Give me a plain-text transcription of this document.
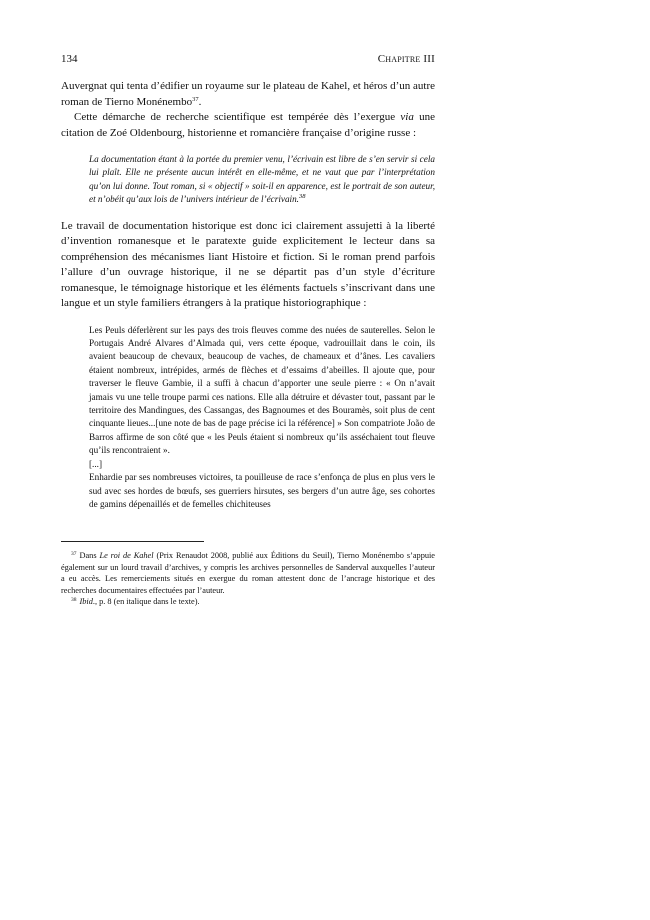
134	Chapitre III

Auvergnat qui tenta d’édifier un royaume sur le plateau de Kahel, et héros d’un autre roman de Tierno Monénembo$^{37}$.

Cette démarche de recherche scientifique est tempérée dès l’exergue via une citation de Zoé Oldenbourg, historienne et romancière française d’origine russe :

La documentation étant à la portée du premier venu, l’écrivain est libre de s’en servir si cela lui plaît. Elle ne présente aucun intérêt en elle-même, et ne vaut que par l’interprétation qu’on lui donne. Tout roman, si « objectif » soit-il en apparence, est le portrait de son auteur, et n’obéit qu’aux lois de l’univers intérieur de l’écrivain.$^{38}$

Le travail de documentation historique est donc ici clairement assujetti à la liberté d’invention romanesque et le paratexte guide explicitement le lecteur dans sa compréhension des mécanismes liant Histoire et fiction. Si le roman prend parfois l’allure d’un ouvrage historique, il ne se départit pas d’un style d’écriture romanesque, le témoignage historique et les éléments factuels s’inscrivant dans une langue et un style familiers étrangers à la pratique historiographique :

Les Peuls déferlèrent sur les pays des trois fleuves comme des nuées de sauterelles. Selon le Portugais André Alvares d’Almada qui, vers cette époque, vadrouillait dans le coin, ils avaient beaucoup de chevaux, beaucoup de vaches, de chameaux et d’ânes. Les cavaliers étaient nombreux, intrépides, armés de flèches et d’essaims d’abeilles. Il ajoute que, pour traverser le fleuve Gambie, il a suffi à chacun d’apporter une seule pierre : « On n’avait jamais vu une telle troupe parmi ces nations. Elle alla détruire et dévaster tout, passant par le territoire des Mandingues, des Cassangas, des Bagnoumes et des Bouramès, soit plus de cent cinquante lieues...[une note de bas de page précise ici la référence] » Son compatriote João de Barros affirme de son côté que « les Peuls étaient si nombreux qu’ils asséchaient tout fleuve qu’ils rencontraient ».

[...]

Enhardie par ses nombreuses victoires, ta pouilleuse de race s’enfonça de plus en plus vers le sud avec ses hordes de bœufs, ses guerriers hirsutes, ses bergers d’un autre âge, ses cohortes de gamins dépenaillés et de femelles chichiteuses

$^{37}$ Dans Le roi de Kahel (Prix Renaudot 2008, publié aux Éditions du Seuil), Tierno Monénembo s’appuie également sur un lourd travail d’archives, y compris les archives personnelles de Sanderval auxquelles l’auteur a eu accès. Les remerciements situés en exergue du roman attestent donc de l’ancrage historique et des recherches documentaires effectuées par l’auteur.

$^{38}$ Ibid., p. 8 (en italique dans le texte).
